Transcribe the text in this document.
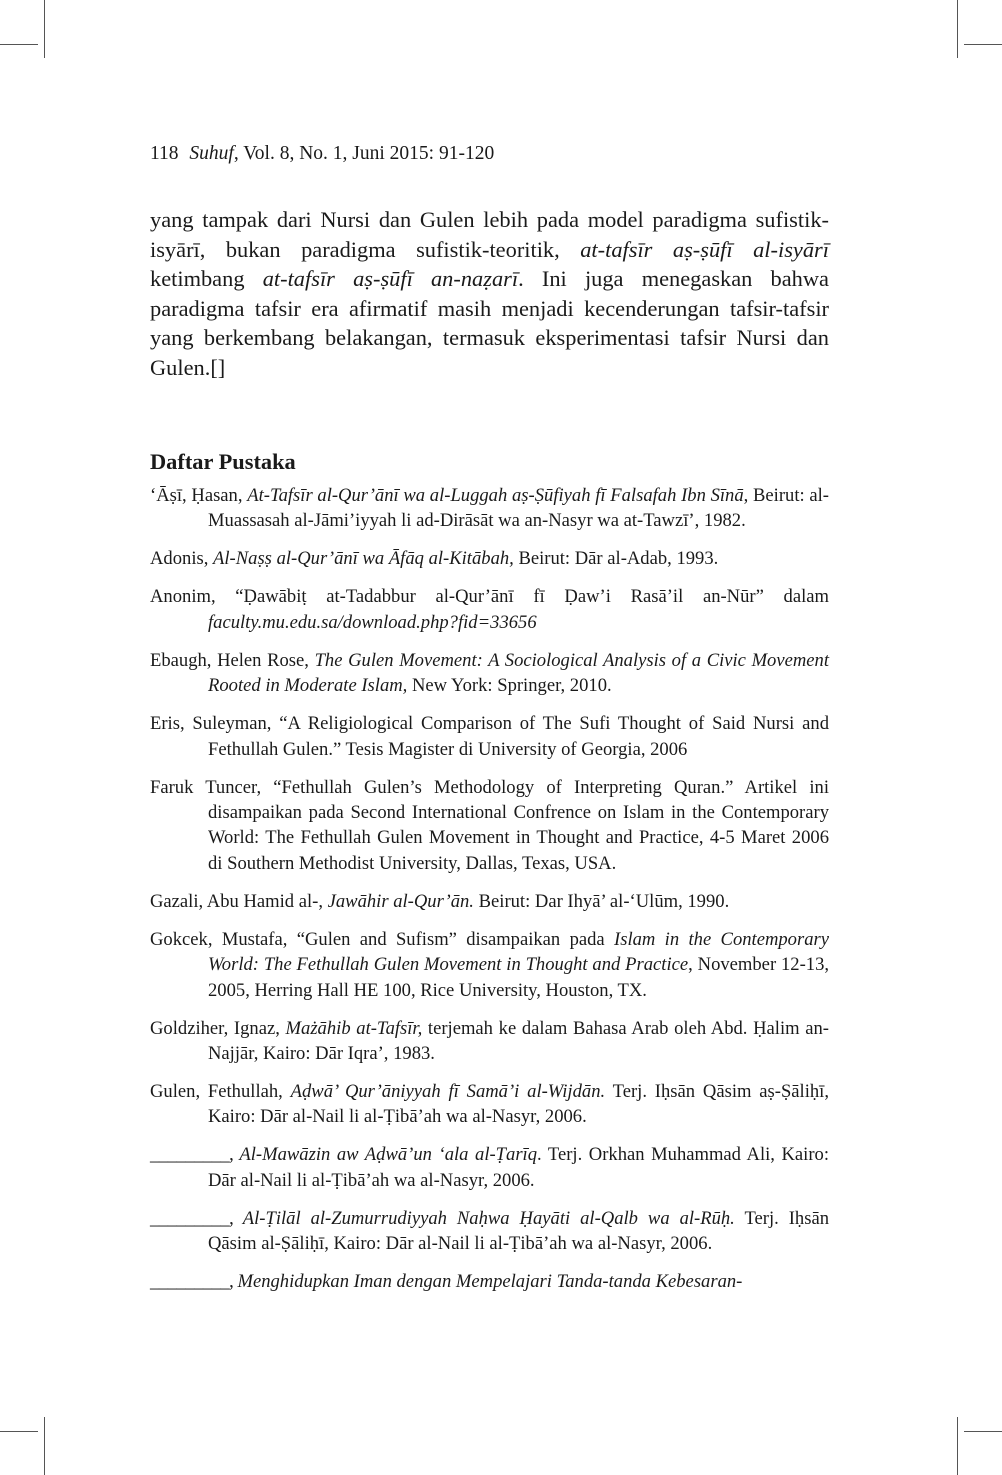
118 Suhuf, Vol. 8, No. 1, Juni 2015: 91-120

yang tampak dari Nursi dan Gulen lebih pada model paradigma sufistik-isyārī, bukan paradigma sufistik-teoritik, at-tafsīr aṣ-ṣūfī al-isyārī ketimbang at-tafsīr aṣ-ṣūfī an-naẓarī. Ini juga menegaskan bahwa paradigma tafsir era afirmatif masih menjadi kecenderungan tafsir-tafsir yang berkembang belakangan, termasuk eksperimentasi tafsir Nursi dan Gulen.[]

Daftar Pustaka

‘Āṣī, Ḥasan, At-Tafsīr al-Qur’ānī wa al-Luggah aṣ-Ṣūfiyah fī Falsafah Ibn Sīnā, Beirut: al-Muassasah al-Jāmi’iyyah li ad-Dirāsāt wa an-Nasyr wa at-Tawzī’, 1982.

Adonis, Al-Naṣṣ al-Qur’ānī wa Āfāq al-Kitābah, Beirut: Dār al-Adab, 1993.

Anonim, “Ḍawābiṭ at-Tadabbur al-Qur’ānī fī Ḍaw’i Rasā’il an-Nūr” dalam faculty.mu.edu.sa/download.php?fid=33656

Ebaugh, Helen Rose, The Gulen Movement: A Sociological Analysis of a Civic Movement Rooted in Moderate Islam, New York: Springer, 2010.

Eris, Suleyman, “A Religiological Comparison of The Sufi Thought of Said Nursi and Fethullah Gulen.” Tesis Magister di University of Georgia, 2006

Faruk Tuncer, “Fethullah Gulen’s Methodology of Interpreting Quran.” Artikel ini disampaikan pada Second International Confrence on Islam in the Contemporary World: The Fethullah Gulen Movement in Thought and Practice, 4-5 Maret 2006 di Southern Methodist University, Dallas, Texas, USA.

Gazali, Abu Hamid al-, Jawāhir al-Qur’ān. Beirut: Dar Ihyā’ al-‘Ulūm, 1990.

Gokcek, Mustafa, “Gulen and Sufism” disampaikan pada Islam in the Contemporary World: The Fethullah Gulen Movement in Thought and Practice, November 12-13, 2005, Herring Hall HE 100, Rice University, Houston, TX.

Goldziher, Ignaz, Mażāhib at-Tafsīr, terjemah ke dalam Bahasa Arab oleh Abd. Ḥalim an-Najjār, Kairo: Dār Iqra’, 1983.

Gulen, Fethullah, Aḍwā’ Qur’āniyyah fī Samā’i al-Wijdān. Terj. Iḥsān Qāsim aṣ-Ṣāliḥī, Kairo: Dār al-Nail li al-Ṭibā’ah wa al-Nasyr, 2006.

_________, Al-Mawāzin aw Aḍwā’un ‘ala al-Ṭarīq. Terj. Orkhan Muhammad Ali, Kairo: Dār al-Nail li al-Ṭibā’ah wa al-Nasyr, 2006.

_________, Al-Ṭilāl al-Zumurrudiyyah Naḥwa Ḥayāti al-Qalb wa al-Rūḥ. Terj. Iḥsān Qāsim al-Ṣāliḥī, Kairo: Dār al-Nail li al-Ṭibā’ah wa al-Nasyr, 2006.

_________, Menghidupkan Iman dengan Mempelajari Tanda-tanda Kebesaran-
